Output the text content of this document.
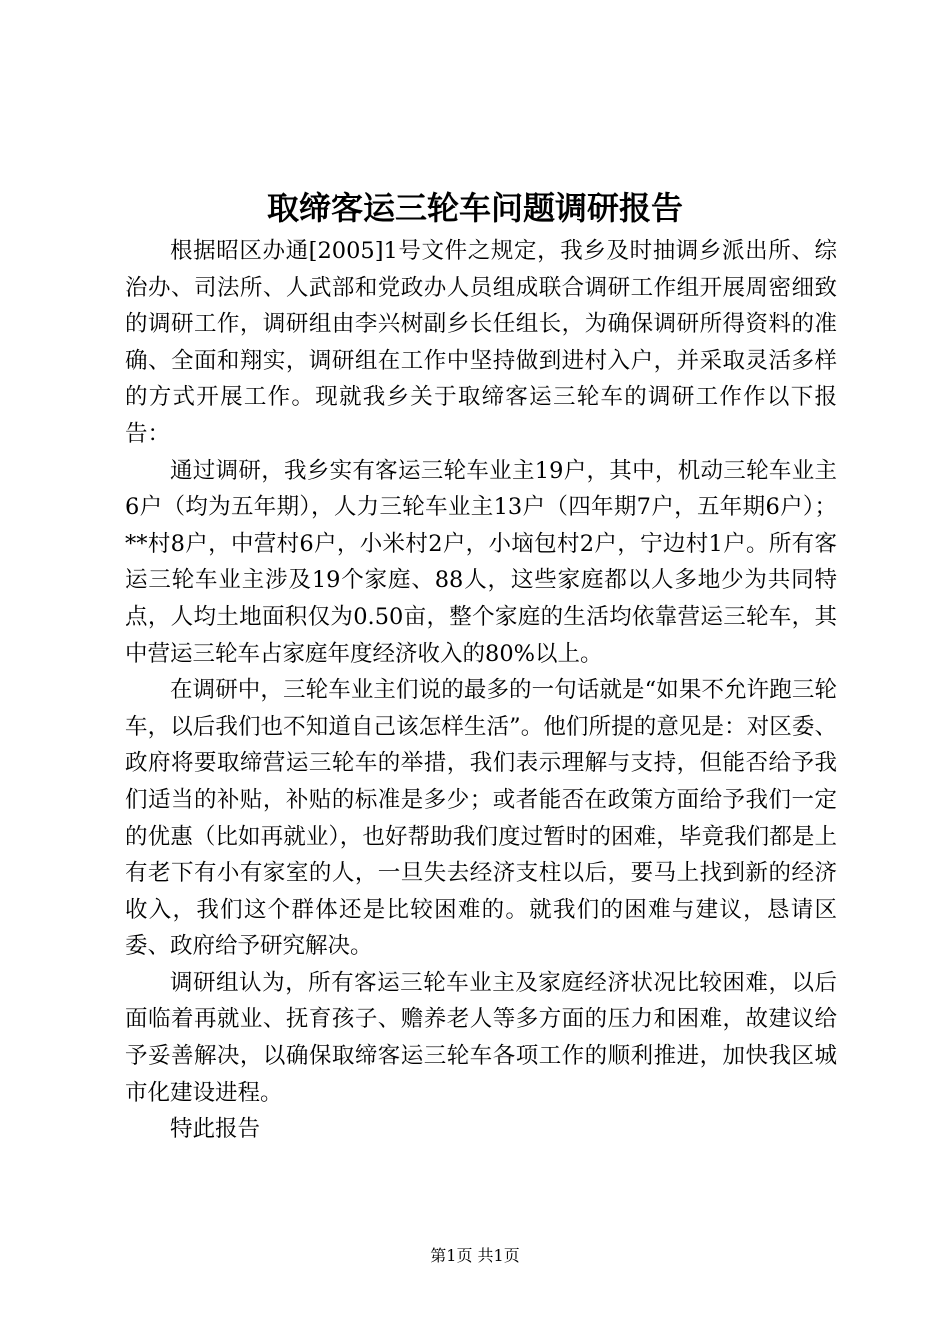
取缔客运三轮车问题调研报告

根据昭区办通[2005]1号文件之规定，我乡及时抽调乡派出所、综治办、司法所、人武部和党政办人员组成联合调研工作组开展周密细致的调研工作，调研组由李兴树副乡长任组长，为确保调研所得资料的准确、全面和翔实，调研组在工作中坚持做到进村入户，并采取灵活多样的方式开展工作。现就我乡关于取缔客运三轮车的调研工作作以下报告：

通过调研，我乡实有客运三轮车业主19户，其中，机动三轮车业主6户（均为五年期），人力三轮车业主13户（四年期7户，五年期6户）；**村8户，中营村6户，小米村2户，小垴包村2户，宁边村1户。所有客运三轮车业主涉及19个家庭、88人，这些家庭都以人多地少为共同特点，人均土地面积仅为0.50亩，整个家庭的生活均依靠营运三轮车，其中营运三轮车占家庭年度经济收入的80%以上。

在调研中，三轮车业主们说的最多的一句话就是“如果不允许跑三轮车，以后我们也不知道自己该怎样生活”。他们所提的意见是：对区委、政府将要取缔营运三轮车的举措，我们表示理解与支持，但能否给予我们适当的补贴，补贴的标准是多少；或者能否在政策方面给予我们一定的优惠（比如再就业），也好帮助我们度过暂时的困难，毕竟我们都是上有老下有小有家室的人，一旦失去经济支柱以后，要马上找到新的经济收入，我们这个群体还是比较困难的。就我们的困难与建议，恳请区委、政府给予研究解决。

调研组认为，所有客运三轮车业主及家庭经济状况比较困难，以后面临着再就业、抚育孩子、赡养老人等多方面的压力和困难，故建议给予妥善解决，以确保取缔客运三轮车各项工作的顺利推进，加快我区城市化建设进程。

特此报告

第1页 共1页
